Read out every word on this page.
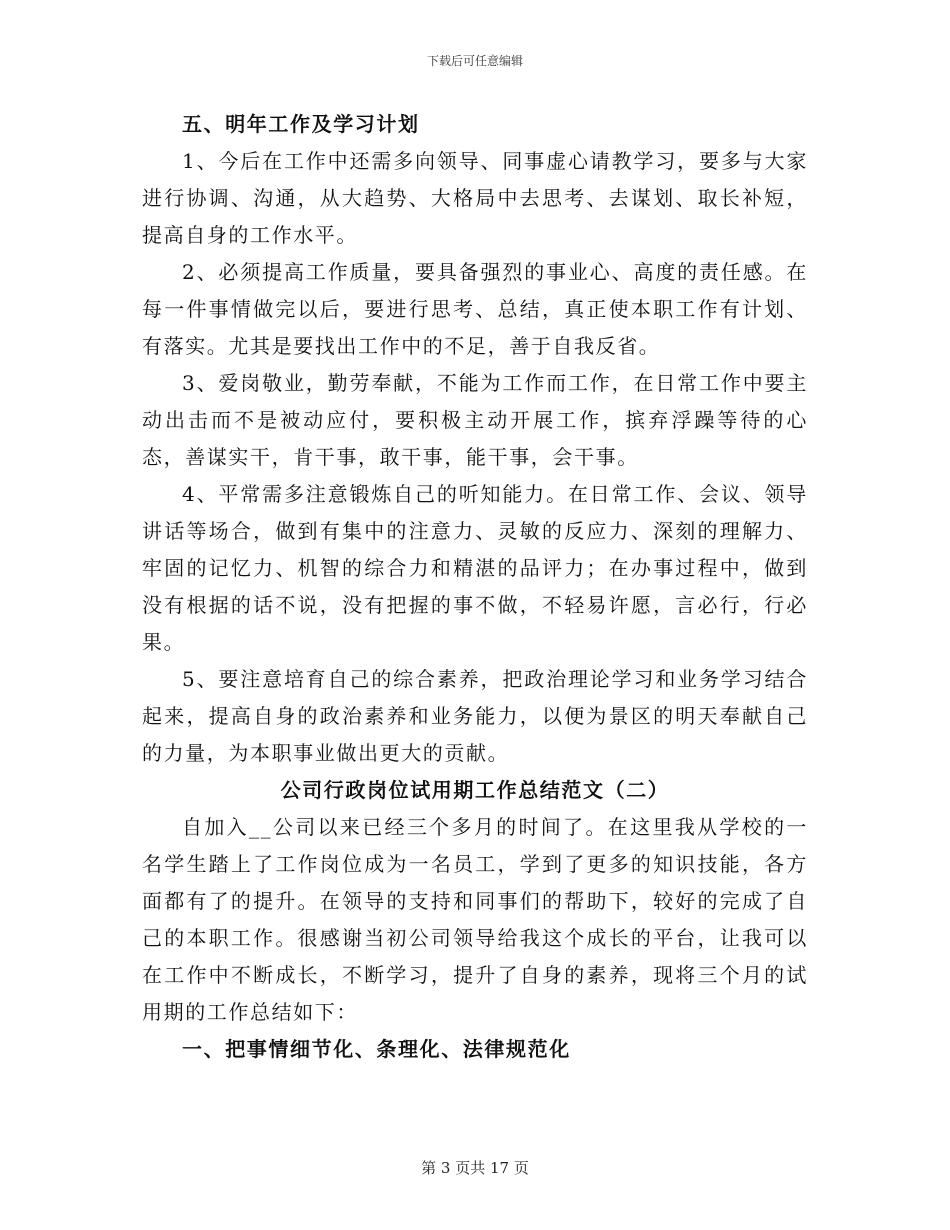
下载后可任意编辑
五、明年工作及学习计划

1、今后在工作中还需多向领导、同事虚心请教学习，要多与大家进行协调、沟通，从大趋势、大格局中去思考、去谋划、取长补短，提高自身的工作水平。

2、必须提高工作质量，要具备强烈的事业心、高度的责任感。在每一件事情做完以后，要进行思考、总结，真正使本职工作有计划、有落实。尤其是要找出工作中的不足，善于自我反省。

3、爱岗敬业，勤劳奉献，不能为工作而工作，在日常工作中要主动出击而不是被动应付，要积极主动开展工作，摈弃浮躁等待的心态，善谋实干，肯干事，敢干事，能干事，会干事。

4、平常需多注意锻炼自己的听知能力。在日常工作、会议、领导讲话等场合，做到有集中的注意力、灵敏的反应力、深刻的理解力、牢固的记忆力、机智的综合力和精湛的品评力；在办事过程中，做到没有根据的话不说，没有把握的事不做，不轻易许愿，言必行，行必果。

5、要注意培育自己的综合素养，把政治理论学习和业务学习结合起来，提高自身的政治素养和业务能力，以便为景区的明天奉献自己的力量，为本职事业做出更大的贡献。

公司行政岗位试用期工作总结范文（二）

自加入__公司以来已经三个多月的时间了。在这里我从学校的一名学生踏上了工作岗位成为一名员工，学到了更多的知识技能，各方面都有了的提升。在领导的支持和同事们的帮助下，较好的完成了自己的本职工作。很感谢当初公司领导给我这个成长的平台，让我可以在工作中不断成长，不断学习，提升了自身的素养，现将三个月的试用期的工作总结如下：

一、把事情细节化、条理化、法律规范化
第 3 页共 17 页
